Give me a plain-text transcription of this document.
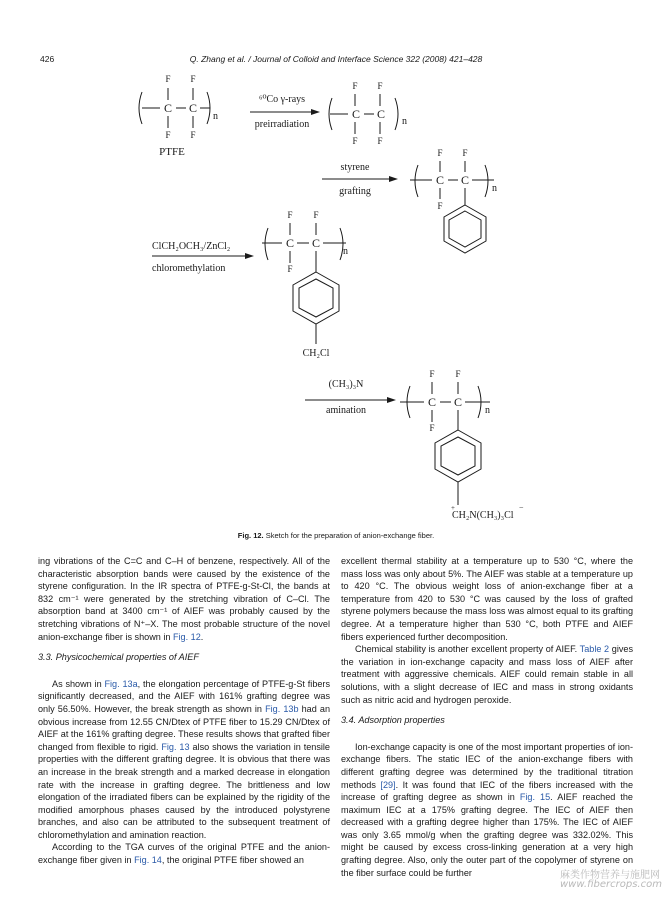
426	Q. Zhang et al. / Journal of Colloid and Interface Science 322 (2008) 421–428
F F
C C
F F
n
PTFE
⁶⁰Co γ-rays
preirradiation
F F
C C
F F
n
styrene
grafting
F F
C C
F
n
ClCH₂OCH₃/ZnCl₂
chloromethylation
F F
C C
F
n
CH₂Cl
(CH₃)₃N
amination
F F
C C
F
n
+	−
CH₂N(CH₃)₃Cl
Fig. 12. Sketch for the preparation of anion-exchange fiber.

ing vibrations of the C=C and C–H of benzene, respectively. All of the characteristic absorption bands were caused by the existence of the styrene configuration. In the IR spectra of PTFE-g-St-Cl, the bands at 832 cm⁻¹ were generated by the stretching vibration of C–Cl. The absorption band at 3400 cm⁻¹ of AIEF was probably caused by the stretching vibrations of N⁺–X. The most probable structure of the novel anion-exchange fiber is shown in Fig. 12.

3.3. Physicochemical properties of AIEF

As shown in Fig. 13a, the elongation percentage of PTFE-g-St fibers significantly decreased, and the AIEF with 161% grafting degree was only 56.50%. However, the break strength as shown in Fig. 13b had an obvious increase from 12.55 CN/Dtex of PTFE fiber to 15.29 CN/Dtex of AIEF at the 161% grafting degree. These results shows that grafted fiber changed from flexible to rigid. Fig. 13 also shows the variation in tensile properties with the different grafting degree. It is obvious that there was an increase in the break strength and a marked decrease in elongation rate with the increase in grafting degree. The brittleness and low elongation of the irradiated fibers can be explained by the rigidity of the modified amorphous phases caused by the introduced polystyrene branches, and also can be attributed to the subsequent treatment of chloromethylation and amination reaction.

According to the TGA curves of the original PTFE and the anion-exchange fiber given in Fig. 14, the original PTFE fiber showed an

excellent thermal stability at a temperature up to 530 °C, where the mass loss was only about 5%. The AIEF was stable at a temperature up to 420 °C. The obvious weight loss of anion-exchange fiber at a temperature from 420 to 530 °C was caused by the loss of grafted styrene polymers because the mass loss was almost equal to its grafting degree. At a temperature higher than 530 °C, both PTFE and AIEF fibers experienced further decomposition.

Chemical stability is another excellent property of AIEF. Table 2 gives the variation in ion-exchange capacity and mass loss of AIEF after treatment with aggressive chemicals. AIEF could remain stable in all solutions, with a slight decrease of IEC and mass in strong oxidants such as nitric acid and hydrogen peroxide.

3.4. Adsorption properties

Ion-exchange capacity is one of the most important properties of ion-exchange fibers. The static IEC of the anion-exchange fibers with different grafting degree was determined by the traditional titration methods [29]. It was found that IEC of the fibers increased with the increase of grafting degree as shown in Fig. 15. AIEF reached the maximum IEC at a 175% grafting degree. The IEC of AIEF then decreased with a grafting degree higher than 175%. The IEC of AIEF was only 3.65 mmol/g when the grafting degree was 332.02%. This might be caused by excess cross-linking generation at a very high grafting degree. Also, only the outer part of the copolymer of styrene on the fiber surface could be further	麻类作物营养与施肥网
www.fibercrops.com
